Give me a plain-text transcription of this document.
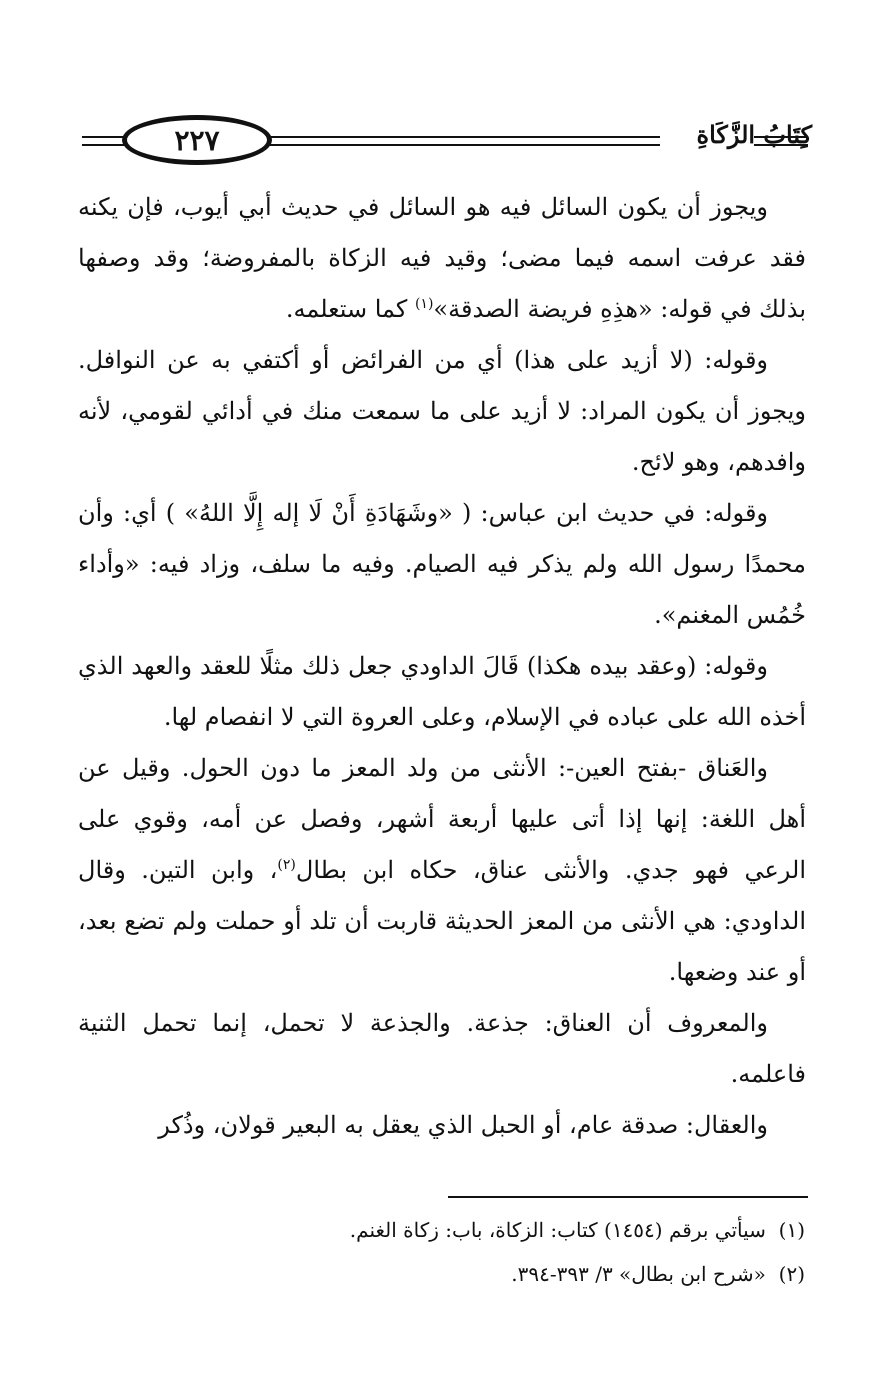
٢٢٧	كِتَابُ الزَّكَاةِ

ويجوز أن يكون السائل فيه هو السائل في حديث أبي أيوب، فإن يكنه فقد عرفت اسمه فيما مضى؛ وقيد فيه الزكاة بالمفروضة؛ وقد وصفها بذلك في قوله: «هذِهِ فريضة الصدقة»$^{(١)}$ كما ستعلمه.

وقوله: (لا أزيد على هذا) أي من الفرائض أو أكتفي به عن النوافل. ويجوز أن يكون المراد: لا أزيد على ما سمعت منك في أدائي لقومي، لأنه وافدهم، وهو لائح.

وقوله: في حديث ابن عباس: ( «وشَهَادَةِ أَنْ لَا إله إِلَّا اللهُ» ) أي: وأن محمدًا رسول الله ولم يذكر فيه الصيام. وفيه ما سلف، وزاد فيه: «وأداء خُمُس المغنم».

وقوله: (وعقد بيده هكذا) قَالَ الداودي جعل ذلك مثلًا للعقد والعهد الذي أخذه الله على عباده في الإسلام، وعلى العروة التي لا انفصام لها.

والعَناق -بفتح العين-: الأنثى من ولد المعز ما دون الحول. وقيل عن أهل اللغة: إنها إذا أتى عليها أربعة أشهر، وفصل عن أمه، وقوي على الرعي فهو جدي. والأنثى عناق، حكاه ابن بطال$^{(٢)}$، وابن التين. وقال الداودي: هي الأنثى من المعز الحديثة قاربت أن تلد أو حملت ولم تضع بعد، أو عند وضعها.

والمعروف أن العناق: جذعة. والجذعة لا تحمل، إنما تحمل الثنية فاعلمه.

والعقال: صدقة عام، أو الحبل الذي يعقل به البعير قولان، وذُكر

(١)  سيأتي برقم (١٤٥٤) كتاب: الزكاة، باب: زكاة الغنم.
(٢)  «شرح ابن بطال» ٣/ ٣٩٣-٣٩٤.
